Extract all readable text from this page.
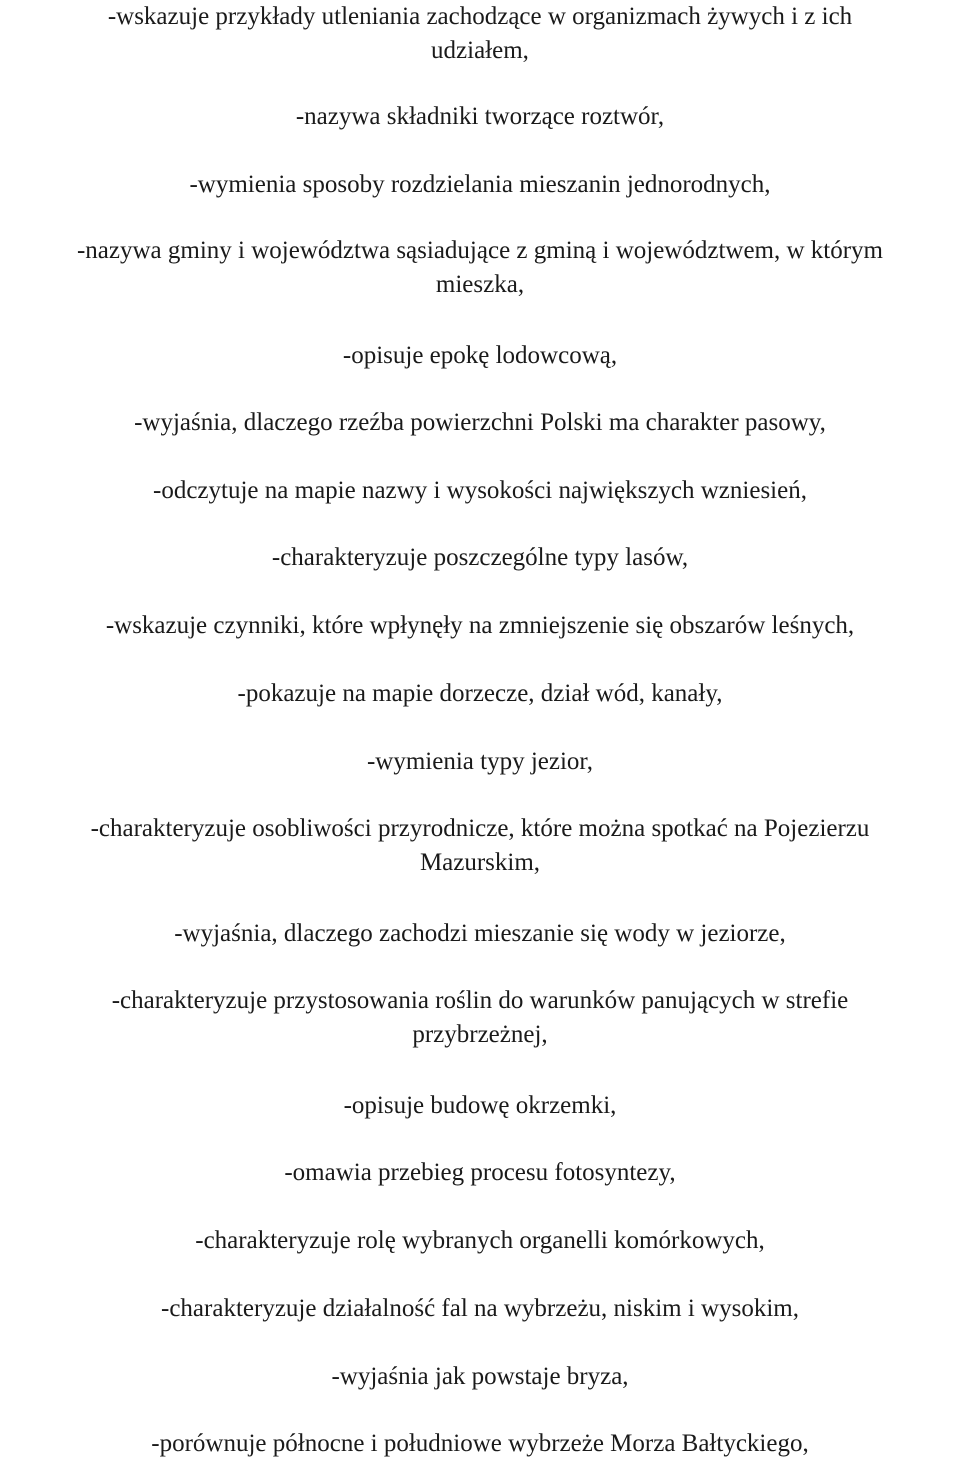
-wskazuje przykłady utleniania zachodzące w organizmach żywych i z ich
udziałem,
-nazywa składniki tworzące roztwór,
-wymienia sposoby rozdzielania mieszanin jednorodnych,
-nazywa gminy i województwa sąsiadujące z gminą i województwem, w którym
mieszka,
-opisuje epokę lodowcową,
-wyjaśnia, dlaczego rzeźba powierzchni Polski ma charakter pasowy,
-odczytuje na mapie nazwy i wysokości największych wzniesień,
-charakteryzuje poszczególne typy lasów,
-wskazuje czynniki, które wpłynęły na zmniejszenie się obszarów leśnych,
-pokazuje na mapie dorzecze, dział wód, kanały,
-wymienia typy jezior,
-charakteryzuje osobliwości przyrodnicze, które można spotkać na Pojezierzu
Mazurskim,
-wyjaśnia, dlaczego zachodzi mieszanie się wody w jeziorze,
-charakteryzuje przystosowania roślin do warunków panujących w strefie
przybrzeżnej,
-opisuje budowę okrzemki,
-omawia przebieg procesu fotosyntezy,
-charakteryzuje rolę wybranych organelli komórkowych,
-charakteryzuje działalność fal na wybrzeżu, niskim i wysokim,
-wyjaśnia jak powstaje bryza,
-porównuje północne i południowe wybrzeże Morza Bałtyckiego,
